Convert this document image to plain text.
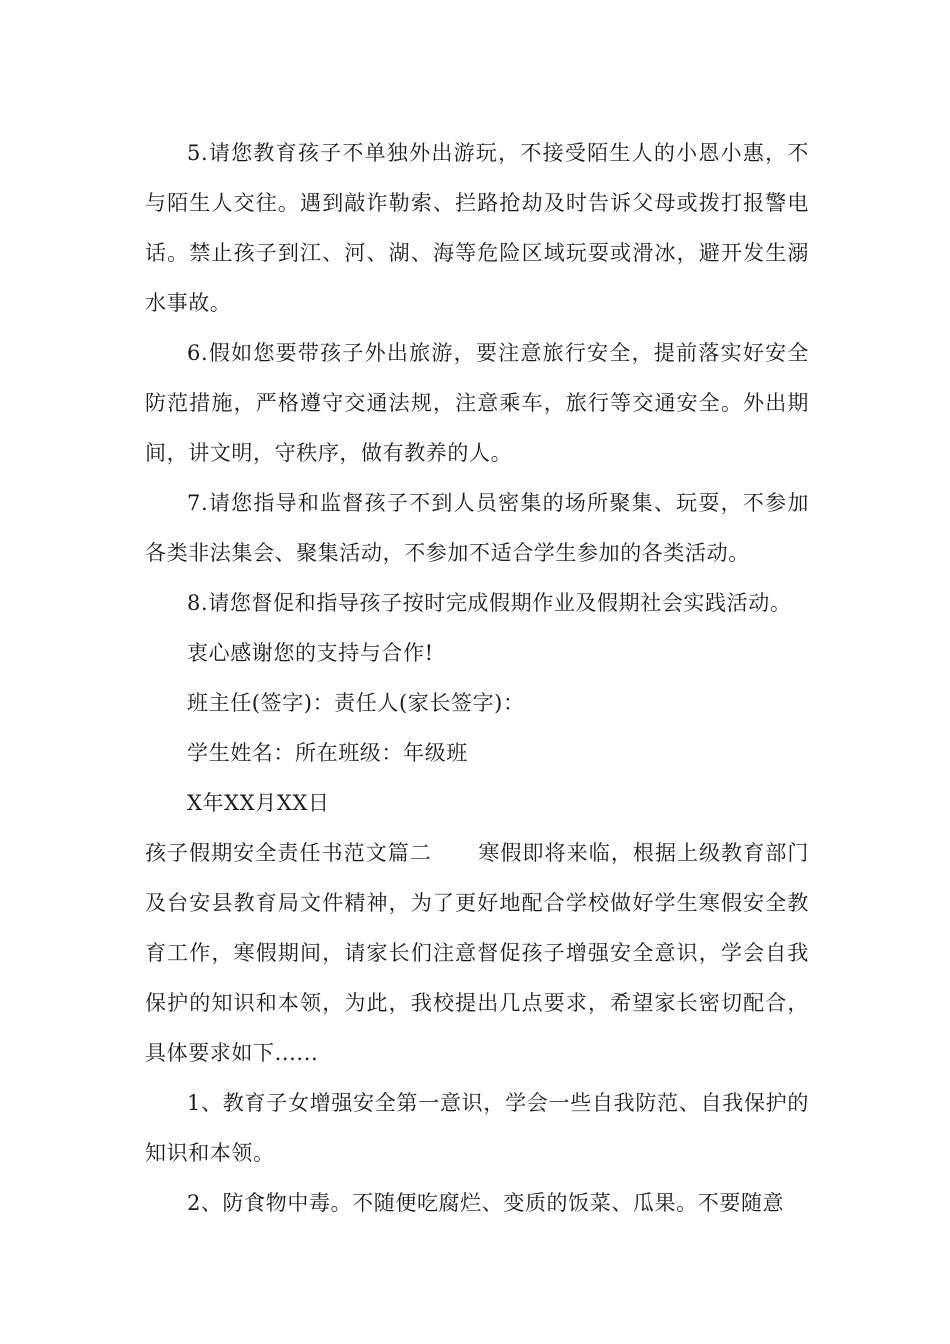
5.请您教育孩子不单独外出游玩，不接受陌生人的小恩小惠，不与陌生人交往。遇到敲诈勒索、拦路抢劫及时告诉父母或拨打报警电话。禁止孩子到江、河、湖、海等危险区域玩耍或滑冰，避开发生溺水事故。

6.假如您要带孩子外出旅游，要注意旅行安全，提前落实好安全防范措施，严格遵守交通法规，注意乘车，旅行等交通安全。外出期间，讲文明，守秩序，做有教养的人。

7.请您指导和监督孩子不到人员密集的场所聚集、玩耍，不参加各类非法集会、聚集活动，不参加不适合学生参加的各类活动。

8.请您督促和指导孩子按时完成假期作业及假期社会实践活动。

衷心感谢您的支持与合作!

班主任(签字)：责任人(家长签字)：

学生姓名：所在班级：年级班

X年XX月XX日

孩子假期安全责任书范文篇二 寒假即将来临，根据上级教育部门及台安县教育局文件精神，为了更好地配合学校做好学生寒假安全教育工作，寒假期间，请家长们注意督促孩子增强安全意识，学会自我保护的知识和本领，为此，我校提出几点要求，希望家长密切配合，具体要求如下......

1、教育子女增强安全第一意识，学会一些自我防范、自我保护的知识和本领。

2、防食物中毒。不随便吃腐烂、变质的饭菜、瓜果。不要随意
